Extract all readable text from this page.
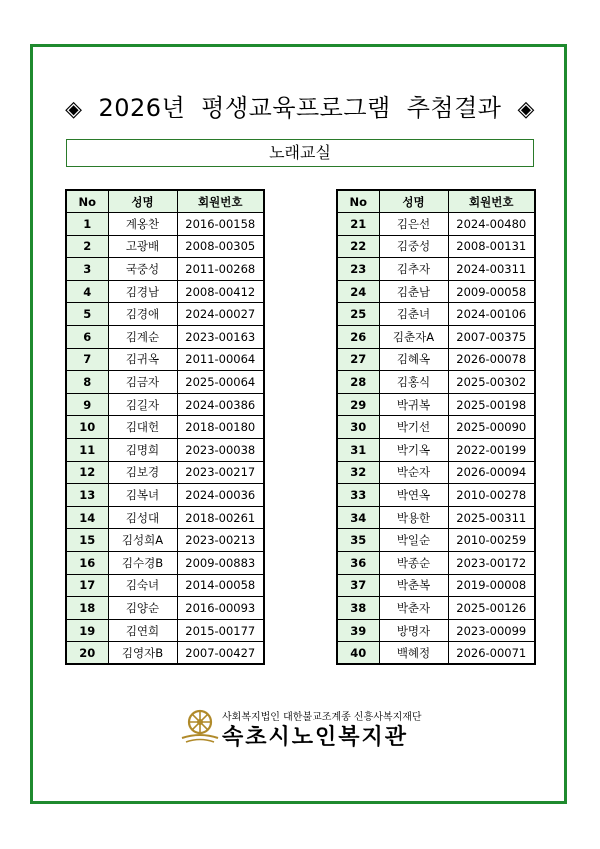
◈ 2026년 평생교육프로그램 추첨결과 ◈
노래교실
No	성명	회원번호
1	계옹찬	2016-00158
2	고광배	2008-00305
3	국중성	2011-00268
4	김경남	2008-00412
5	김경애	2024-00027
6	김계순	2023-00163
7	김귀옥	2011-00064
8	김금자	2025-00064
9	김길자	2024-00386
10	김대헌	2018-00180
11	김명희	2023-00038
12	김보경	2023-00217
13	김복녀	2024-00036
14	김성대	2018-00261
15	김성희A	2023-00213
16	김수경B	2009-00883
17	김숙녀	2014-00058
18	김양순	2016-00093
19	김연희	2015-00177
20	김영자B	2007-00427
No	성명	회원번호
21	김은선	2024-00480
22	김중성	2008-00131
23	김추자	2024-00311
24	김춘남	2009-00058
25	김춘녀	2024-00106
26	김춘자A	2007-00375
27	김혜옥	2026-00078
28	김홍식	2025-00302
29	박귀복	2025-00198
30	박기선	2025-00090
31	박기옥	2022-00199
32	박순자	2026-00094
33	박연옥	2010-00278
34	박용한	2025-00311
35	박일순	2010-00259
36	박종순	2023-00172
37	박춘복	2019-00008
38	박춘자	2025-00126
39	방명자	2023-00099
40	백혜정	2026-00071
사회복지법인 대한불교조계종 신흥사복지재단
속초시노인복지관
